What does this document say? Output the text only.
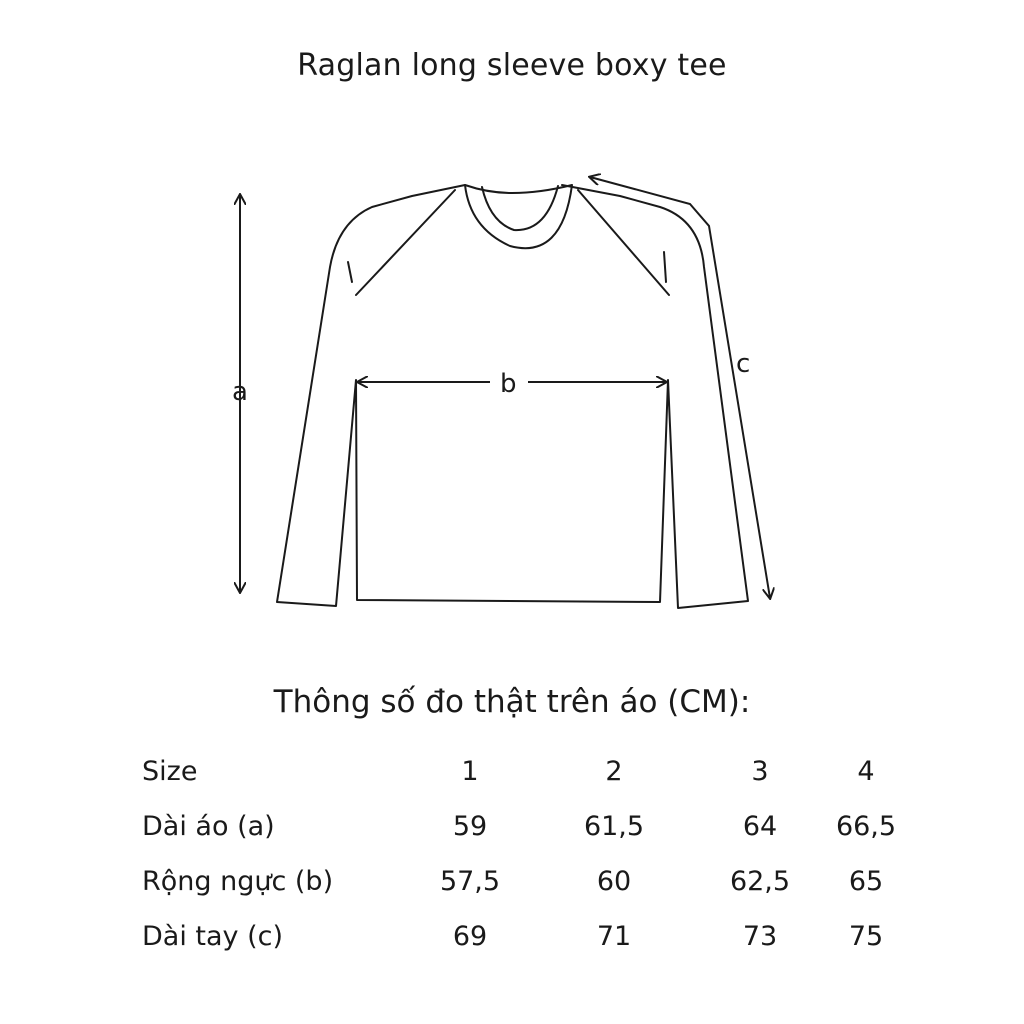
Raglan long sleeve boxy tee
a	b
c
Thông số đo thật trên áo (CM):
Size	1	2	3	4
Dài áo (a)	59	61,5	64 66,5
Rộng ngực (b)	57,5	60	62,5 65
Dài tay (c)	69	71	73	75
